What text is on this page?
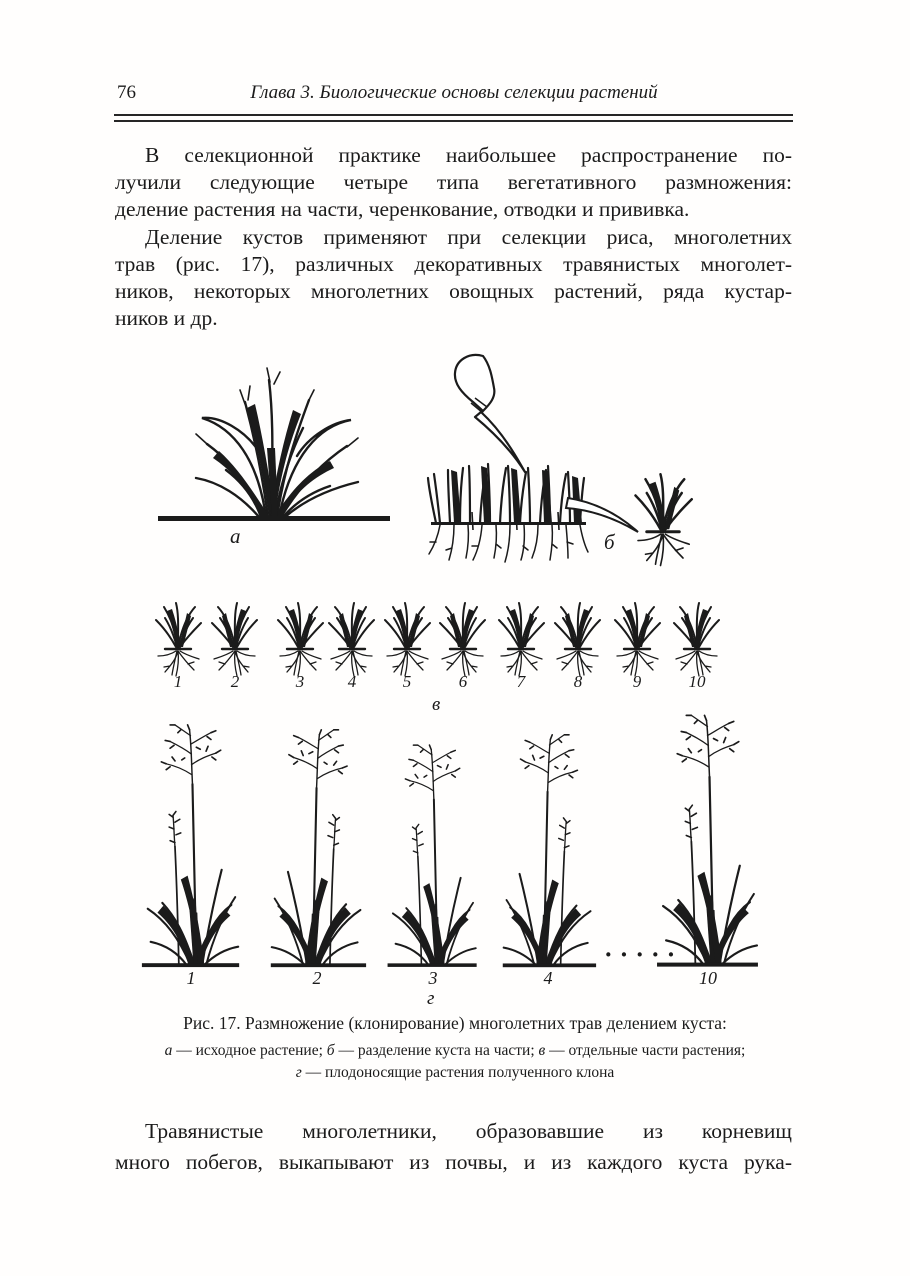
76	Глава 3. Биологические основы селекции растений
В селекционной практике наибольшее распространение по-
лучили следующие четыре типа вегетативного размножения:
деление растения на части, черенкование, отводки и прививка.
Деление кустов применяют при селекции риса, многолетних
трав (рис. 17), различных декоративных травянистых многолет-
ников, некоторых многолетних овощных растений, ряда кустар-
ников и др.
а	б
1	2	3	4	5	6	7	8	9	10
в
1	2	3	4	10
·····
г
Рис. 17. Размножение (клонирование) многолетних трав делением куста:
а — исходное растение; б — разделение куста на части; в — отдельные части растения;
г — плодоносящие растения полученного клона
Травянистые многолетники, образовавшие из корневищ
много побегов, выкапывают из почвы, и из каждого куста рука-
